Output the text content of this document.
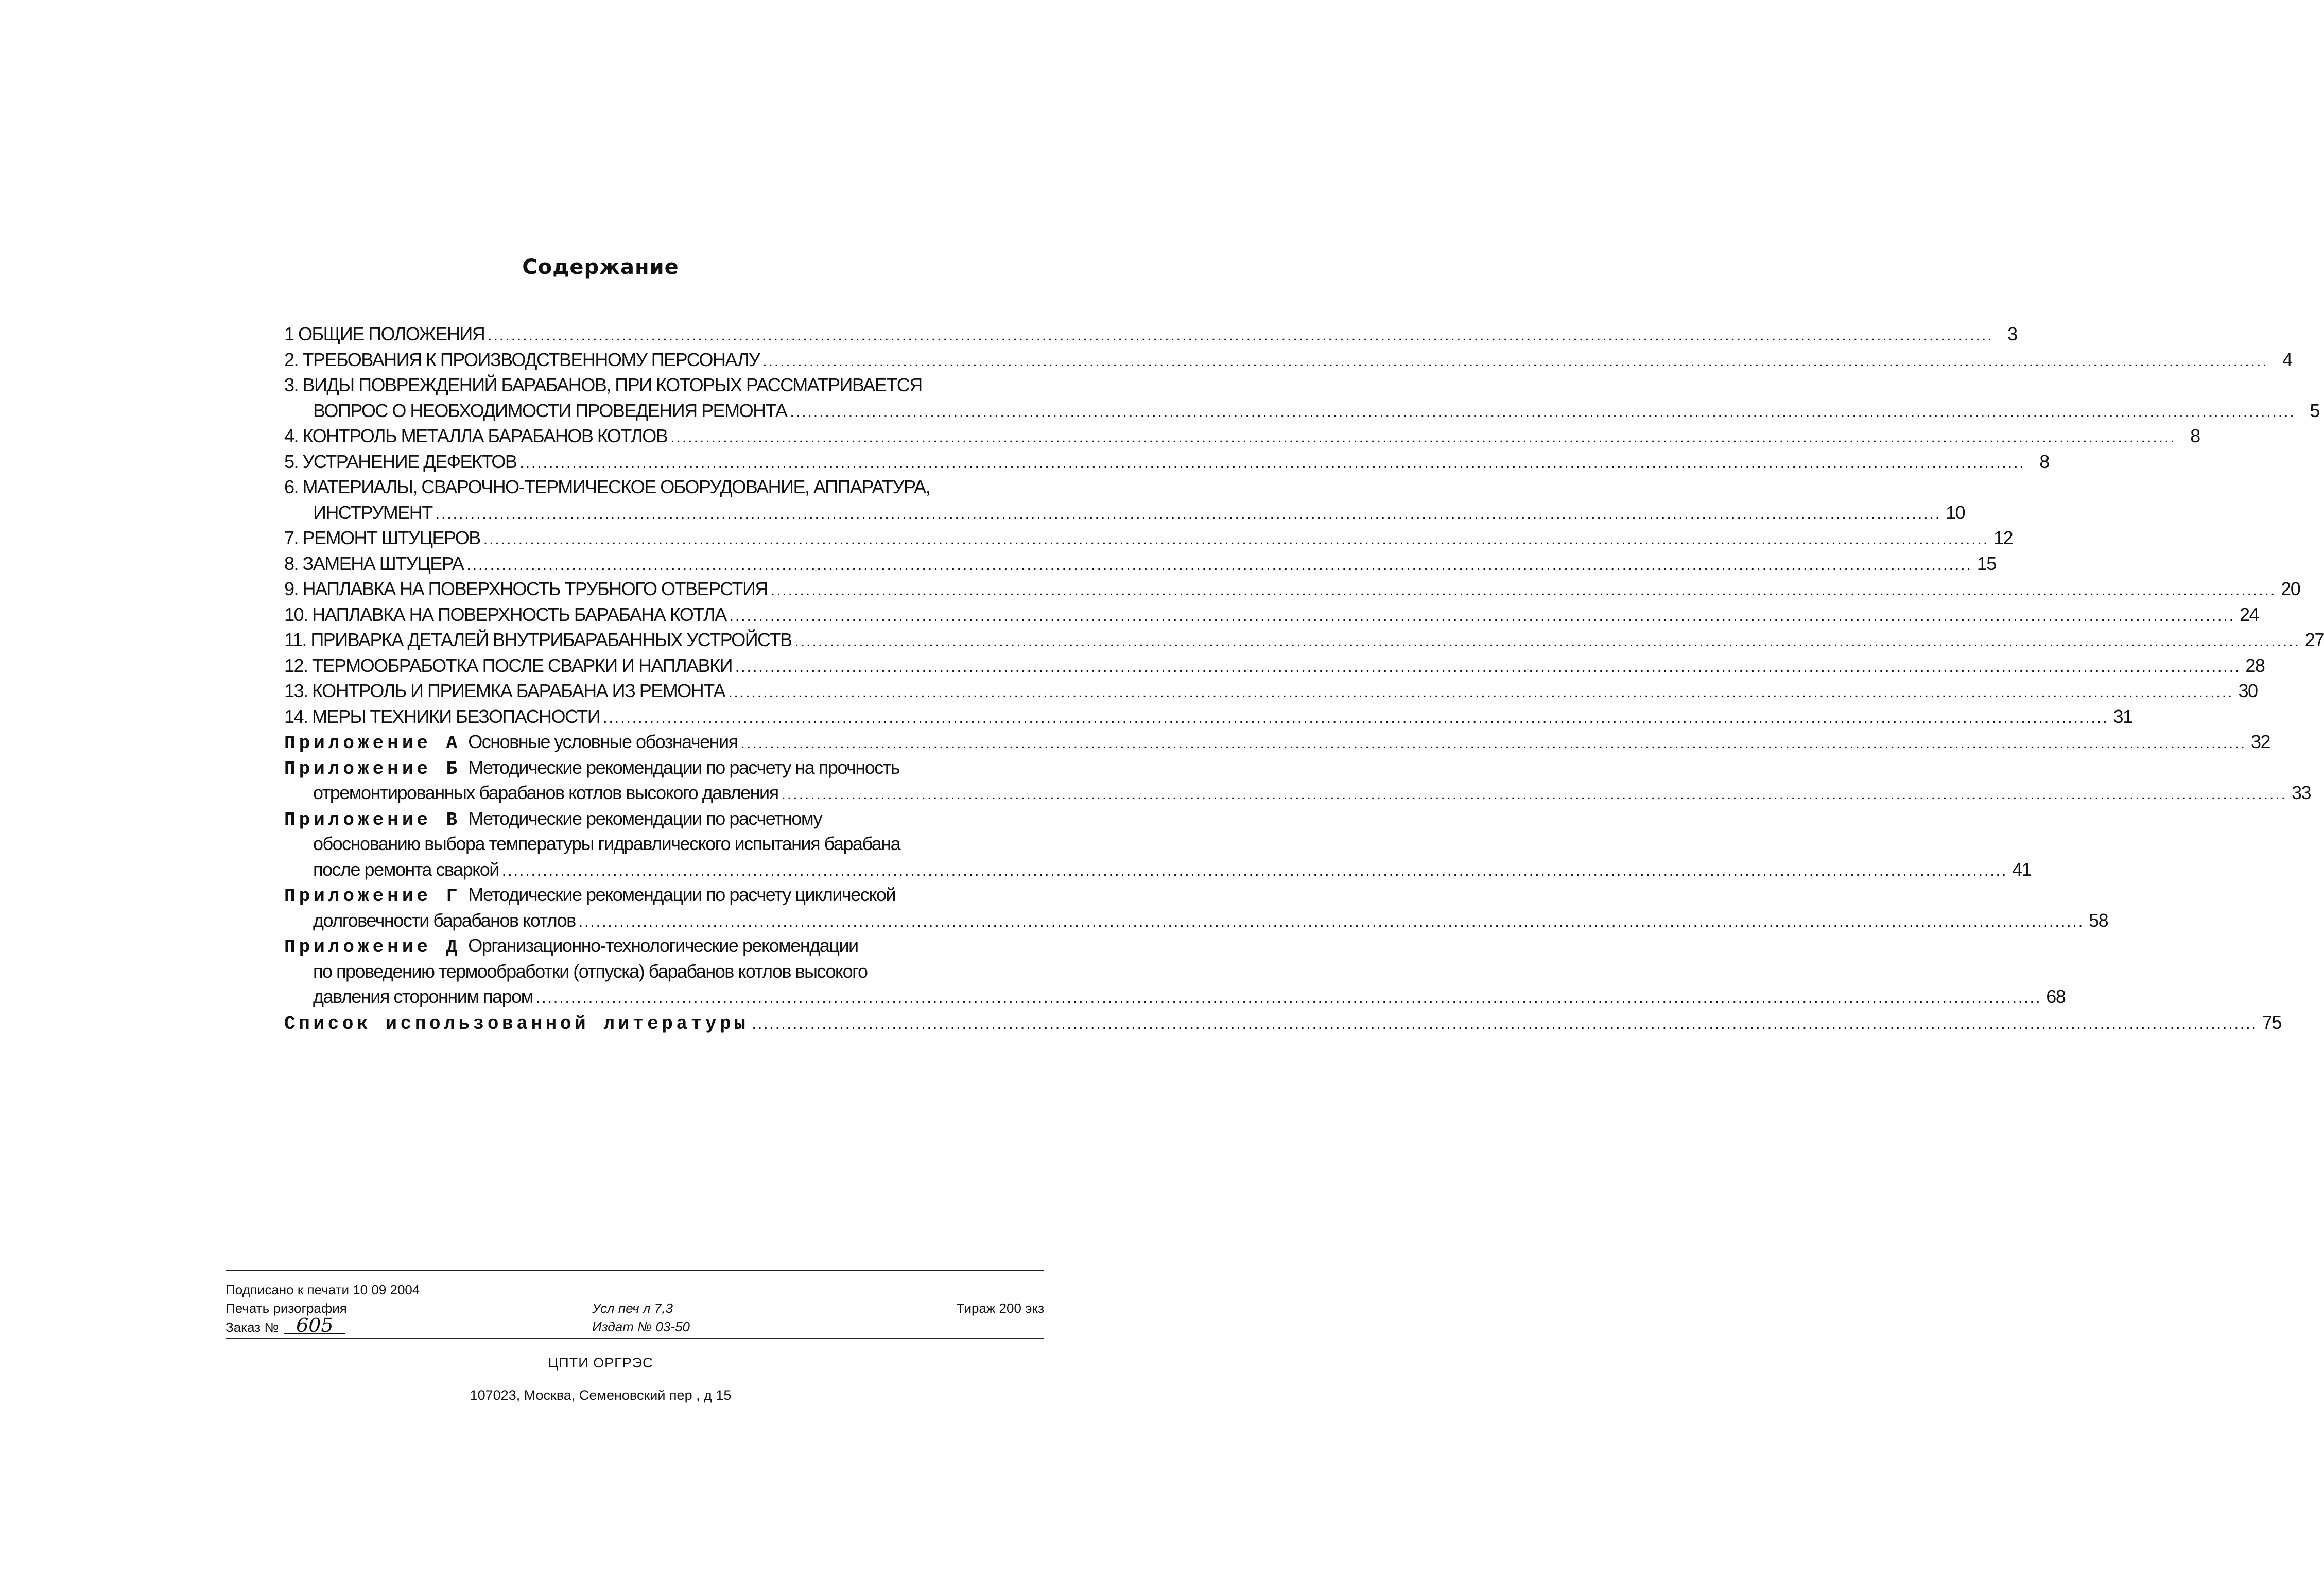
Содержание
1 ОБЩИЕ ПОЛОЖЕНИЯ .....	3
2. ТРЕБОВАНИЯ К ПРОИЗВОДСТВЕННОМУ ПЕРСОНАЛУ .....	4
3. ВИДЫ ПОВРЕЖДЕНИЙ БАРАБАНОВ, ПРИ КОТОРЫХ РАССМАТРИВАЕТСЯ
ВОПРОС О НЕОБХОДИМОСТИ ПРОВЕДЕНИЯ РЕМОНТА .....	5
4. КОНТРОЛЬ МЕТАЛЛА БАРАБАНОВ КОТЛОВ .....	8
5. УСТРАНЕНИЕ ДЕФЕКТОВ .....	8
6. МАТЕРИАЛЫ, СВАРОЧНО-ТЕРМИЧЕСКОЕ ОБОРУДОВАНИЕ, АППАРАТУРА,
ИНСТРУМЕНТ .....	10
7. РЕМОНТ ШТУЦЕРОВ .....	12
8. ЗАМЕНА ШТУЦЕРА .....	15
9. НАПЛАВКА НА ПОВЕРХНОСТЬ ТРУБНОГО ОТВЕРСТИЯ .....	20
10. НАПЛАВКА НА ПОВЕРХНОСТЬ БАРАБАНА КОТЛА .....	24
11. ПРИВАРКА ДЕТАЛЕЙ ВНУТРИБАРАБАННЫХ УСТРОЙСТВ .....	27
12. ТЕРМООБРАБОТКА ПОСЛЕ СВАРКИ И НАПЛАВКИ .....	28
13. КОНТРОЛЬ И ПРИЕМКА БАРАБАНА ИЗ РЕМОНТА .....	30
14. МЕРЫ ТЕХНИКИ БЕЗОПАСНОСТИ .....	31
Приложение А Основные условные обозначения .....	32
Приложение Б Методические рекомендации по расчету на прочность
отремонтированных барабанов котлов высокого давления .....	33
Приложение В Методические рекомендации по расчетному
обоснованию выбора температуры гидравлического испытания барабана
после ремонта сваркой .....	41
Приложение Г Методические рекомендации по расчету циклической
долговечности барабанов котлов .....	58
Приложение Д Организационно-технологические рекомендации
по проведению термообработки (отпуска) барабанов котлов высокого
давления сторонним паром .....	68
Список использованной литературы .....	75
Подписано к печати 10 09 2004
Печать ризография	Усл печ л 7,3	Тираж 200 экз
Заказ № 605	Издат № 03-50
ЦПТИ ОРГРЭС
107023, Москва, Семеновский пер , д 15
